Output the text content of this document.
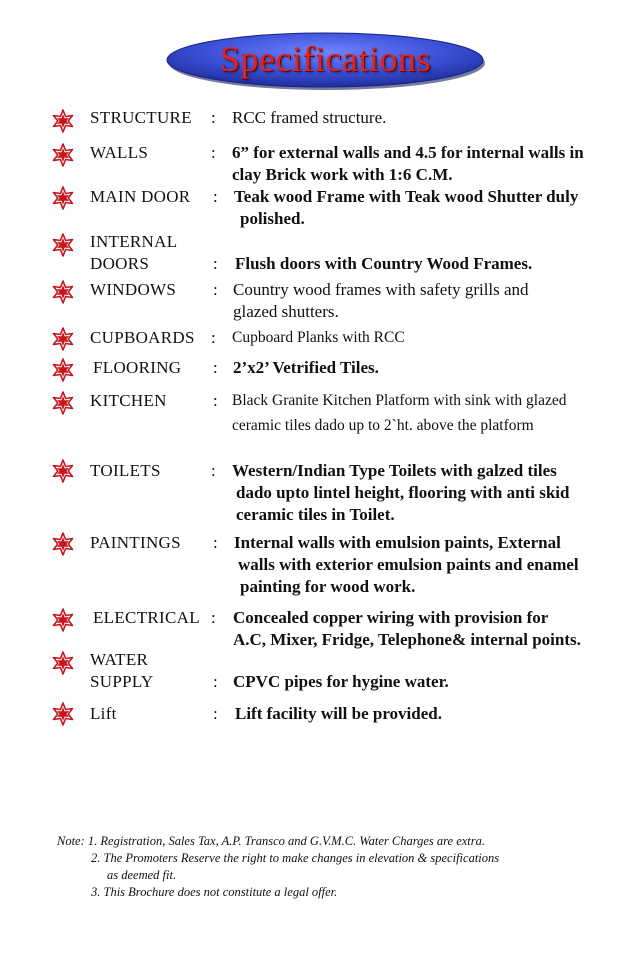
Specifications
STRUCTURE : RCC framed structure.
WALLS	: 6” for external walls and 4.5 for internal walls in
clay Brick work with 1:6 C.M.
MAIN DOOR : Teak wood Frame with Teak wood Shutter duly
polished.
INTERNAL
DOORS	: Flush doors with Country Wood Frames.
WINDOWS : Country wood frames with safety grills and
glazed shutters.
CUPBOARDS : Cupboard Planks with RCC
FLOORING : 2’x2’ Vetrified Tiles.
KITCHEN	: Black Granite Kitchen Platform with sink with glazed
ceramic tiles dado up to 2`ht. above the platform
TOILETS	: Western/Indian Type Toilets with galzed tiles
dado upto lintel height, flooring with anti skid
ceramic tiles in Toilet.
PAINTINGS : Internal walls with emulsion paints, External
walls with exterior emulsion paints and enamel
painting for wood work.
ELECTRICAL : Concealed copper wiring with provision for
A.C, Mixer, Fridge, Telephone& internal points.
WATER
SUPPLY	: CPVC pipes for hygine water.
Lift	: Lift facility will be provided.
Note: 1. Registration, Sales Tax, A.P. Transco and G.V.M.C. Water Charges are extra.
2. The Promoters Reserve the right to make changes in elevation & specifications
as deemed fit.
3. This Brochure does not constitute a legal offer.
